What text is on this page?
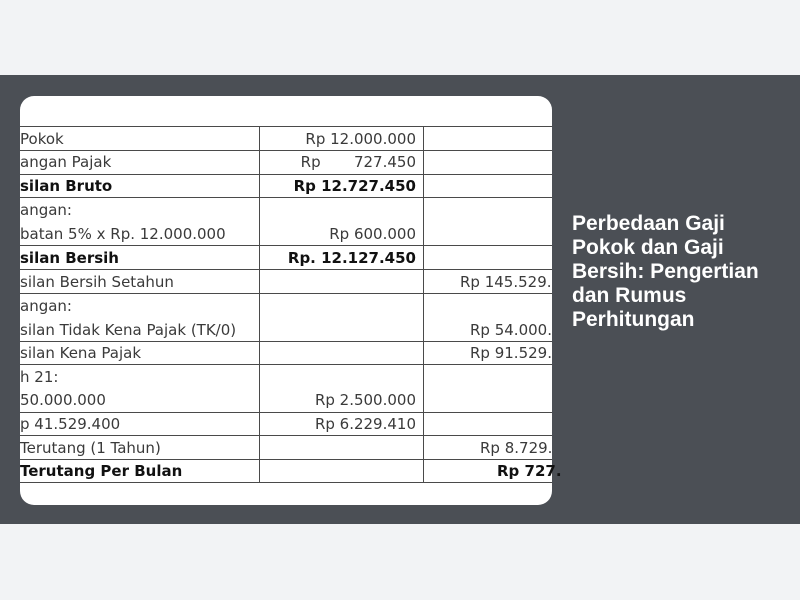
Pokok
angan Pajak
silan Bruto
angan:
batan 5% x Rp. 12.000.000
silan Bersih
silan Bersih Setahun
angan:
silan Tidak Kena Pajak (TK/0)
silan Kena Pajak
h 21:
50.000.000
p 41.529.400
Terutang (1 Tahun)
Terutang Per Bulan
Rp 12.000.000
Rp       727.450
Rp 12.727.450
Rp 600.000
Rp. 12.127.450
Rp 2.500.000
Rp 6.229.410
Rp 145.529.
Rp 54.000.
Rp 91.529.
Rp 8.729.
Rp 727.
Perbedaan Gaji Pokok dan Gaji Bersih: Pengertian dan Rumus Perhitungan
